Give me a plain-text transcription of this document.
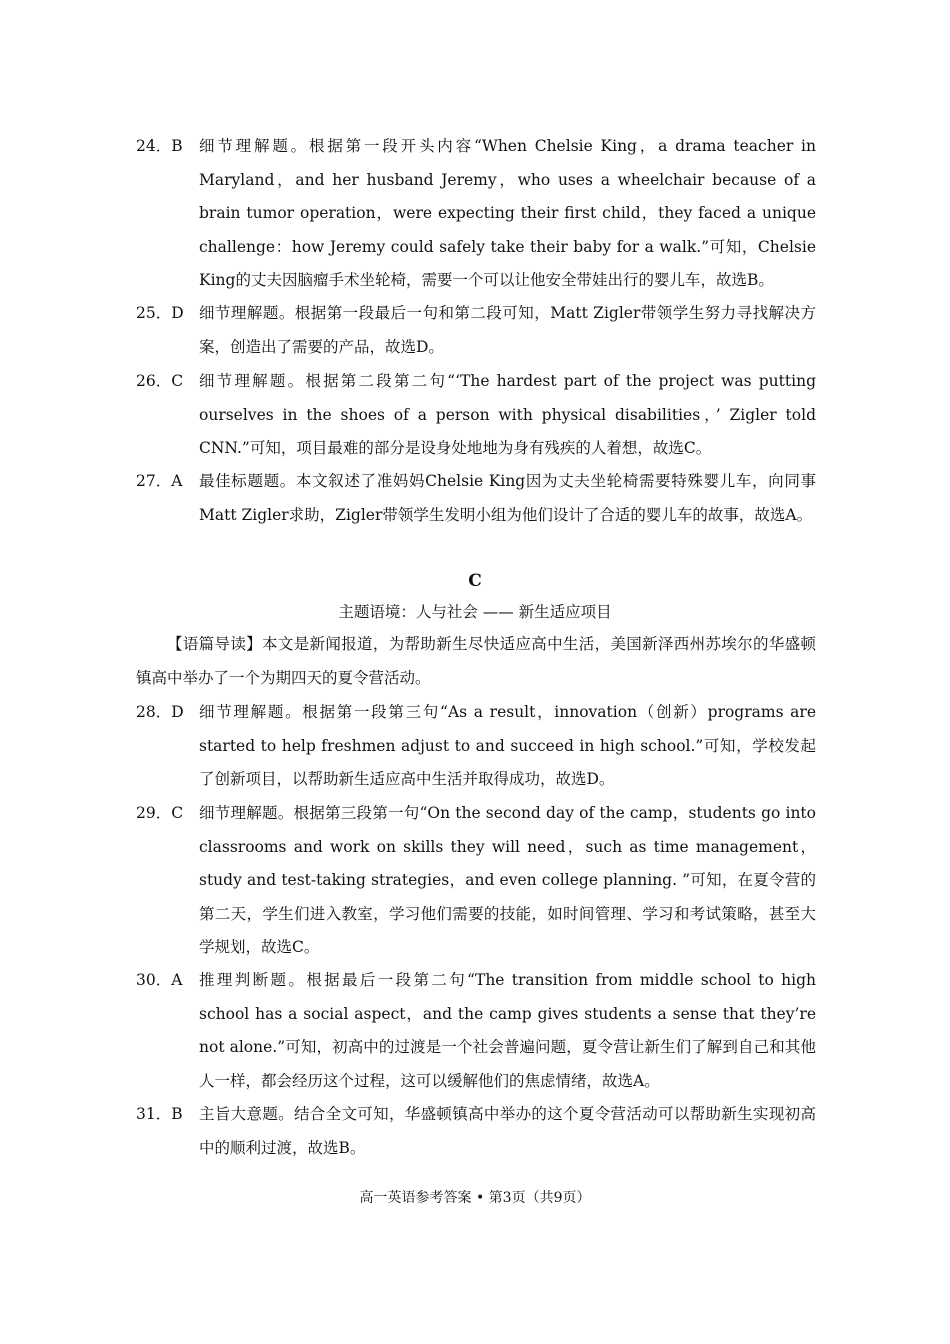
24．B	细节理解题。根据第一段开头内容“When Chelsie King，a drama teacher in Maryland，and her husband Jeremy，who uses a wheelchair because of a brain tumor operation，were expecting their first child，they faced a unique challenge：how Jeremy could safely take their baby for a walk.”可知，Chelsie King的丈夫因脑瘤手术坐轮椅，需要一个可以让他安全带娃出行的婴儿车，故选B。
25．D 细节理解题。根据第一段最后一句和第二段可知，Matt Zigler带领学生努力寻找解决方案，创造出了需要的产品，故选D。
26．C	细节理解题。根据第二段第二句“‘The hardest part of the project was putting ourselves in the shoes of a person with physical disabilities，’ Zigler told CNN.”可知，项目最难的部分是设身处地地为身有残疾的人着想，故选C。
27．A	最佳标题题。本文叙述了准妈妈Chelsie King因为丈夫坐轮椅需要特殊婴儿车，向同事Matt Zigler求助，Zigler带领学生发明小组为他们设计了合适的婴儿车的故事，故选A。
C
主题语境：人与社会 —— 新生适应项目
【语篇导读】本文是新闻报道，为帮助新生尽快适应高中生活，美国新泽西州苏埃尔的华盛顿镇高中举办了一个为期四天的夏令营活动。
28．D 细节理解题。根据第一段第三句“As a result，innovation（创新）programs are started to help freshmen adjust to and succeed in high school.”可知，学校发起了创新项目，以帮助新生适应高中生活并取得成功，故选D。
29．C	细节理解题。根据第三段第一句“On the second day of the camp，students go into classrooms and work on skills they will need，such as time management，study and test-taking strategies，and even college planning. ”可知，在夏令营的第二天，学生们进入教室，学习他们需要的技能，如时间管理、学习和考试策略，甚至大学规划，故选C。
30．A	推理判断题。根据最后一段第二句“The transition from middle school to high school has a social aspect，and the camp gives students a sense that they’re not alone.”可知，初高中的过渡是一个社会普遍问题，夏令营让新生们了解到自己和其他人一样，都会经历这个过程，这可以缓解他们的焦虑情绪，故选A。
31．B	主旨大意题。结合全文可知，华盛顿镇高中举办的这个夏令营活动可以帮助新生实现初高中的顺利过渡，故选B。
高一英语参考答案 • 第3页（共9页）
